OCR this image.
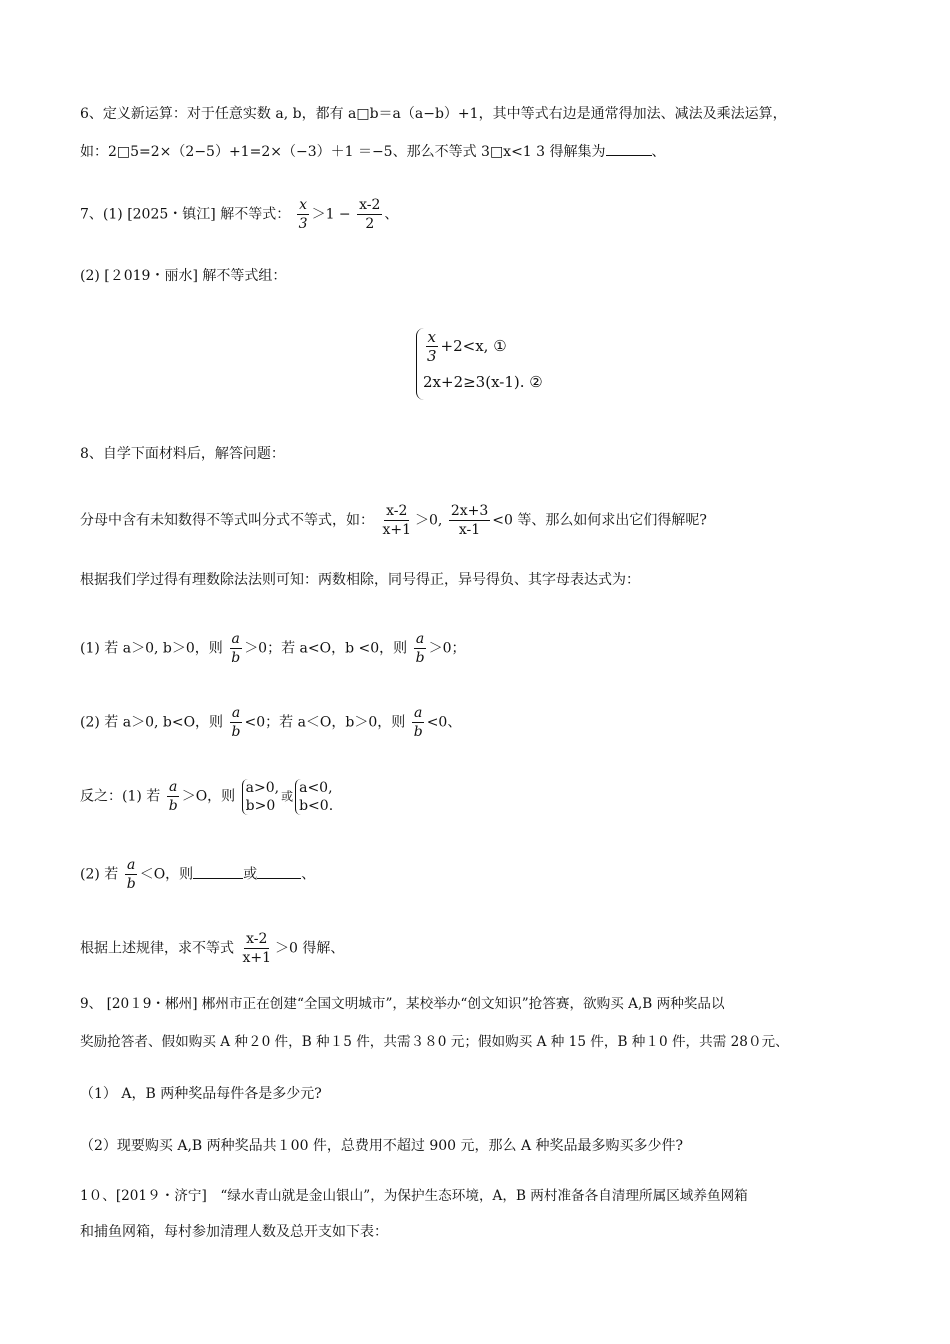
6、定义新运算：对于任意实数 a, b，都有 a□b＝a（a−b）+1，其中等式右边是通常得加法、减法及乘法运算，
如：2□5=2×（2−5）+1=2×（−3）＋1 ＝−5、那么不等式 3□x<1 3 得解集为	、
7、(1) [2025・镇江] 解不等式： $\frac{x}{3} >1 - \frac{x-2}{2}$ 、
(2) [２019・丽水] 解不等式组：
$\frac{x}{3} +2<x$, ①
2x+2≥3(x-1). ②
8、自学下面材料后，解答问题：
分母中含有未知数得不等式叫分式不等式，如： $\frac{x-2}{x+1} >0$, $\frac{2x+3}{x-1} <0$ 等、那么如何求出它们得解呢?
根据我们学过得有理数除法法则可知：两数相除，同号得正，异号得负、其字母表达式为：
(1) 若 a＞0, b＞0，则 $\frac{a}{b} >0$；若 a<O，b <0，则 $\frac{a}{b} >0$；
(2) 若 a＞0, b<O，则 $\frac{a}{b} <0$；若 a＜O，b＞0，则 $\frac{a}{b} <0$、
反之：(1) 若 $\frac{a}{b} >O$，则
a>0,
b>0
或
a<0,
b<0.
(2) 若 $\frac{a}{b} <O$，则	或	、
根据上述规律，求不等式 $\frac{x-2}{x+1} >0$ 得解、
9、 [20１9・郴州] 郴州市正在创建“全国文明城市”，某校举办“创文知识”抢答赛，欲购买 A,B 两种奖品以
奖励抢答者、假如购买 A 种２0 件，B 种１5 件，共需３８0 元；假如购买 A 种 15 件，B 种１0 件，共需 28０元、
（1） A，B 两种奖品每件各是多少元?
（2）现要购买 A,B 两种奖品共１00 件，总费用不超过 900 元，那么 A 种奖品最多购买多少件?
1０、[201９・济宁]　“绿水青山就是金山银山”，为保护生态环境，A，B 两村准备各自清理所属区域养鱼网箱
和捕鱼网箱，每村参加清理人数及总开支如下表：
